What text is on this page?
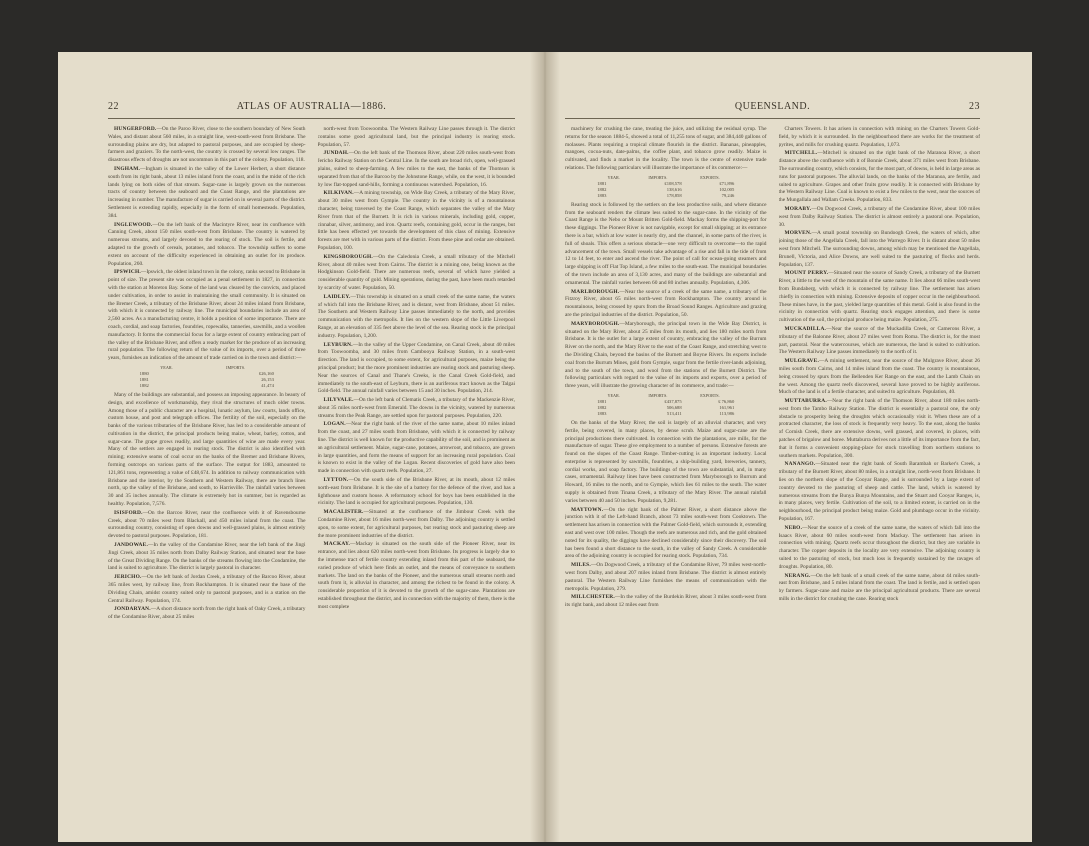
22	ATLAS OF AUSTRALIA—1886.

HUNGERFORD.—On the Paroo River, close to the southern boundary of New South Wales, and distant about 560 miles, in a straight line, west-south-west from Brisbane. The surrounding plains are dry, but adapted to pastoral purposes, and are occupied by sheep-farmers and graziers. To the north-west, the country is crossed by several low ranges. The disastrous effects of droughts are not uncommon in this part of the colony. Population, 118.

INGHAM.—Ingham is situated in the valley of the Lower Herbert, a short distance south from its right bank, about 13 miles inland from the coast, and in the midst of the rich lands lying on both sides of that stream. Sugar-cane is largely grown on the numerous tracts of country between the seaboard and the Coast Range, and the plantations are increasing in number. The manufacture of sugar is carried on in several parts of the district. Settlement is extending rapidly, especially in the form of small homesteads. Population, 384.

INGLEWOOD.—On the left bank of the Macintyre River, near its confluence with Canning Creek, about 150 miles south-west from Brisbane. The country is watered by numerous streams, and largely devoted to the rearing of stock. The soil is fertile, and adapted to the growth of cereals, potatoes, and tobacco. The township suffers to some extent on account of the difficulty experienced in obtaining an outlet for its produce. Population, 260.

IPSWICH.—Ipswich, the oldest inland town in the colony, ranks second to Brisbane in point of size. The present site was occupied as a penal settlement in 1827, in connection with the station at Moreton Bay. Some of the land was cleared by the convicts, and placed under cultivation, in order to assist in maintaining the small community. It is situated on the Bremer Creek, a tributary of the Brisbane River, about 24 miles inland from Brisbane, with which it is connected by railway line. The municipal boundaries include an area of 2,560 acres. As a manufacturing centre, it holds a position of some importance. There are coach, cordial, and soap factories, foundries, ropewalks, tanneries, sawmills, and a woollen manufactory. It forms the commercial focus for a large extent of country embracing part of the valley of the Brisbane River, and offers a ready market for the produce of an increasing rural population. The following return of the value of its imports, over a period of three years, furnishes an indication of the amount of trade carried on in the town and district:—

YEAR.	IMPORTS.
1880	£26,160
1881	26,153
1882	41,474

Many of the buildings are substantial, and possess an imposing appearance. In beauty of design, and excellence of workmanship, they rival the structures of much older towns. Among those of a public character are a hospital, lunatic asylum, law courts, lands office, custom house, and post and telegraph offices. The fertility of the soil, especially on the banks of the various tributaries of the Brisbane River, has led to a considerable amount of cultivation in the district, the principal products being maize, wheat, barley, cotton, and sugar-cane. The grape grows readily, and large quantities of wine are made every year. Many of the settlers are engaged in rearing stock. The district is also identified with mining; extensive seams of coal occur on the banks of the Bremer and Brisbane Rivers, forming outcrops on various parts of the surface. The output for 1883, amounted to 121,861 tons, representing a value of £48,674. In addition to railway communication with Brisbane and the interior, by the Southern and Western Railway, there are branch lines north, up the valley of the Brisbane, and south, to Harrisville. The rainfall varies between 30 and 35 inches annually. The climate is extremely hot in summer, but is regarded as healthy. Population, 7,576.

ISISFORD.—On the Barcoo River, near the confluence with it of Ravensbourne Creek, about 70 miles west from Blackall, and 450 miles inland from the coast. The surrounding country, consisting of open downs and well-grassed plains, is almost entirely devoted to pastoral purposes. Population, 181.

JANDOWAE.—In the valley of the Condamine River, near the left bank of the Jingi Jingi Creek, about 35 miles north from Dalby Railway Station, and situated near the base of the Great Dividing Range. On the banks of the streams flowing into the Condamine, the land is suited to agriculture. The district is largely pastoral in character.

JERICHO.—On the left bank of Jordan Creek, a tributary of the Barcoo River, about 365 miles west, by railway line, from Rockhampton. It is situated near the base of the Dividing Chain, amidst country suited only to pastoral purposes, and is a station on the Central Railway. Population, 174.

JONDARYAN.—A short distance north from the right bank of Oaky Creek, a tributary of the Condamine River, about 25 miles

north-west from Toowoomba. The Western Railway Line passes through it. The district contains some good agricultural land, but the principal industry is rearing stock. Population, 57.

JUNDAH.—On the left bank of the Thomson River, about 220 miles south-west from Jericho Railway Station on the Central Line. In the south are broad rich, open, well-grassed plains, suited to sheep-farming. A few miles to the east, the banks of the Thomson is separated from that of the Barcoo by the Johnstone Range, while, on the west, it is bounded by low flat-topped sand-hills, forming a continuous watershed. Population, 16.

KILKIVAN.—A mining township, on Wide Bay Creek, a tributary of the Mary River, about 30 miles west from Gympie. The country in the vicinity is of a mountainous character, being traversed by the Coast Range, which separates the valley of the Mary River from that of the Burnett. It is rich in various minerals, including gold, copper, cinnabar, silver, antimony, and iron. Quartz reefs, containing gold, occur in the ranges, but little has been effected yet towards the development of this class of mining. Extensive forests are met with in various parts of the district. From these pine and cedar are obtained. Population, 100.

KINGSBOROUGH.—On the Caledonia Creek, a small tributary of the Mitchell River, about 40 miles west from Cairns. The district is a mining one, being known as the Hodgkinson Gold-field. There are numerous reefs, several of which have yielded a considerable quantity of gold. Mining operations, during the past, have been much retarded by scarcity of water. Population, 50.

LAIDLEY.—This township is situated on a small creek of the same name, the waters of which fall into the Brisbane River, and is distant, west from Brisbane, about 51 miles. The Southern and Western Railway Line passes immediately to the north, and provides communication with the metropolis. It lies on the western slope of the Little Liverpool Range, at an elevation of 335 feet above the level of the sea. Rearing stock is the principal industry. Population, 1,200.

LEYBURN.—In the valley of the Upper Condamine, on Canal Creek, about 40 miles from Toowoomba, and 30 miles from Cambooya Railway Station, in a south-west direction. The land is occupied, to some extent, for agricultural purposes, maize being the principal product; but the more prominent industries are rearing stock and pasturing sheep. Near the sources of Canal and Thane's Creeks, is the Canal Creek Gold-field, and immediately to the south-east of Leyburn, there is an auriferous tract known as the Talgai Gold-field. The annual rainfall varies between 15 and 30 inches. Population, 214.

LILYVALE.—On the left bank of Clematis Creek, a tributary of the Mackenzie River, about 35 miles north-west from Emerald. The downs in the vicinity, watered by numerous streams from the Peak Range, are settled upon for pastoral purposes. Population, 220.

LOGAN.—Near the right bank of the river of the same name, about 10 miles inland from the coast, and 27 miles south from Brisbane, with which it is connected by railway line. The district is well known for the productive capability of the soil, and is prominent as an agricultural settlement. Maize, sugar-cane, potatoes, arrowroot, and tobacco, are grown in large quantities, and form the means of support for an increasing rural population. Coal is known to exist in the valley of the Logan. Recent discoveries of gold have also been made in connection with quartz reefs. Population, 27.

LYTTON.—On the south side of the Brisbane River, at its mouth, about 12 miles north-east from Brisbane. It is the site of a battery for the defence of the river, and has a lighthouse and custom house. A reformatory school for boys has been established in the vicinity. The land is occupied for agricultural purposes. Population, 130.

MACALISTER.—Situated at the confluence of the Jimbour Creek with the Condamine River, about 16 miles north-west from Dalby. The adjoining country is settled upon, to some extent, for agricultural purposes, but rearing stock and pasturing sheep are the more prominent industries of the district.

MACKAY.—Mackay is situated on the south side of the Pioneer River, near its entrance, and lies about 620 miles north-west from Brisbane. Its progress is largely due to the immense tract of fertile country extending inland from this part of the seaboard, the varied produce of which here finds an outlet, and the means of conveyance to southern markets. The land on the banks of the Pioneer, and the numerous small streams north and south from it, is alluvial in character, and among the richest to be found in the colony. A considerable proportion of it is devoted to the growth of the sugar-cane. Plantations are established throughout the district, and in connection with the majority of them, there is the most complete

QUEENSLAND.	23

machinery for crushing the cane, treating the juice, and utilizing the residual syrup. The returns for the season 1884-5, showed a total of 11,255 tons of sugar, and 384,440 gallons of molasses. Plants requiring a tropical climate flourish in the district. Bananas, pineapples, mangoes, cocoa-nuts, date-palms, the coffee plant, and tobacco grow readily. Maize is cultivated, and finds a market in the locality. The town is the centre of extensive trade relations. The following particulars will illustrate the importance of its commerce:—

YEAR.	IMPORTS.	EXPORTS.
1881	£108,578	£71,896
1882	138,616	102,005
1883	178,858	79,246

Rearing stock is followed by the settlers on the less productive soils, and where distance from the seaboard renders the climate less suited to the sugar-cane. In the vicinity of the Coast Range is the Nebo or Mount Britten Gold-field. Mackay forms the shipping-port for these diggings. The Pioneer River is not navigable, except for small shipping; at its entrance there is a bar, which at low water is nearly dry, and the channel, in some parts of the river, is full of shoals. This offers a serious obstacle—one very difficult to overcome—to the rapid advancement of the town. Small vessels take advantage of a rise and fall in the tide of from 12 to 14 feet, to enter and ascend the river. The point of call for ocean-going steamers and large shipping is off Flat Top Island, a few miles to the south-east. The municipal boundaries of the town include an area of 3,130 acres, and many of the buildings are substantial and ornamental. The rainfall varies between 60 and 80 inches annually. Population, 4,306.

MARLBOROUGH.—Near the source of a creek of the same name, a tributary of the Fitzroy River, about 65 miles north-west from Rockhampton. The country around is mountainous, being crossed by spurs from the Broad Sound Ranges. Agriculture and grazing are the principal industries of the district. Population, 50.

MARYBOROUGH.—Maryborough, the principal town in the Wide Bay District, is situated on the Mary River, about 25 miles from its mouth, and lies 180 miles north from Brisbane. It is the outlet for a large extent of country, embracing the valley of the Burrum River on the north, and the Mary River to the east of the Coast Range, and stretching west to the Dividing Chain, beyond the basins of the Burnett and Boyne Rivers. Its exports include coal from the Burrum Mines, gold from Gympie, sugar from the fertile river-lands adjoining, and to the south of the town, and wool from the stations of the Burnett District. The following particulars with regard to the value of its imports and exports, over a period of three years, will illustrate the growing character of its commerce, and trade:—

YEAR.	IMPORTS.	EXPORTS.
1881	£437,875	£ 76,860
1882	506,688	161,961
1883	513,411	113,986

On the banks of the Mary River, the soil is largely of an alluvial character, and very fertile, being covered, in many places, by dense scrub. Maize and sugar-cane are the principal productions there cultivated. In connection with the plantations, are mills, for the manufacture of sugar. These give employment to a number of persons. Extensive forests are found on the slopes of the Coast Range. Timber-cutting is an important industry. Local enterprise is represented by sawmills, foundries, a ship-building yard, breweries, tannery, cordial works, and soap factory. The buildings of the town are substantial, and, in many cases, ornamental. Railway lines have been constructed from Maryborough to Burrum and Howard, 16 miles to the north, and to Gympie, which lies 61 miles to the south. The water supply is obtained from Tinana Creek, a tributary of the Mary River. The annual rainfall varies between 40 and 50 inches. Population, 9,281.

MAYTOWN.—On the right bank of the Palmer River, a short distance above the junction with it of the Left-hand Branch, about 73 miles south-west from Cooktown. The settlement has arisen in connection with the Palmer Gold-field, which surrounds it, extending east and west over 100 miles. Though the reefs are numerous and rich, and the gold obtained noted for its quality, the diggings have declined considerably since their discovery. The soil has been found a short distance to the south, in the valley of Sandy Creek. A considerable area of the adjoining country is occupied for rearing stock. Population, 734.

MILES.—On Dogwood Creek, a tributary of the Condamine River, 79 miles west-north-west from Dalby, and about 207 miles inland from Brisbane. The district is almost entirely pastoral. The Western Railway Line furnishes the means of communication with the metropolis. Population, 279.

MILLCHESTER.—In the valley of the Burdekin River, about 3 miles south-west from its right bank, and about 12 miles east from

Charters Towers. It has arisen in connection with mining on the Charters Towers Gold-field, by which it is surrounded. In the neighbourhood there are works for the treatment of pyrites, and mills for crushing quartz. Population, 1,073.

MITCHELL.—Mitchell is situated on the right bank of the Maranoa River, a short distance above the confluence with it of Bonnie Creek, about 371 miles west from Brisbane. The surrounding country, which consists, for the most part, of downs, is held in large areas as runs for pastoral purposes. The alluvial lands, on the banks of the Maranoa, are fertile, and suited to agriculture. Grapes and other fruits grow readily. It is connected with Brisbane by the Western Railway Line. Coal is known to exist a few miles to the west, near the sources of the Mungallala and Wallam Creeks. Population, 833.

MORABY.—On Dogwood Creek, a tributary of the Condamine River, about 100 miles west from Dalby Railway Station. The district is almost entirely a pastoral one. Population, 30.

MORVEN.—A small postal township on Bundoogh Creek, the waters of which, after joining those of the Angellala Creek, fall into the Warrego River. It is distant about 50 miles west from Mitchell. The surrounding downs, among which may be mentioned the Angellala, Brunell, Victoria, and Alice Downs, are well suited to the pasturing of flocks and herds. Population, 137.

MOUNT PERRY.—Situated near the source of Sandy Creek, a tributary of the Burnett River, a little to the west of the mountain of the same name. It lies about 66 miles south-west from Bundaberg, with which it is connected by railway line. The settlement has arisen chiefly in connection with mining. Extensive deposits of copper occur in the neighbourhood. These mines have, in the past, yielded large quantities of this metal. Gold is also found in the vicinity in connection with quartz. Rearing stock engages attention, and there is some cultivation of the soil, the principal produce being maize. Population, 275.

MUCKADILLA.—Near the source of the Muckadilla Creek, or Camerons River, a tributary of the Balonne River, about 27 miles west from Roma. The district is, for the most part, pastoral. Near the watercourses, which are numerous, the land is suited to cultivation. The Western Railway Line passes immediately to the north of it.

MULGRAVE.—A mining settlement, near the source of the Mulgrave River, about 26 miles south from Cairns, and 14 miles inland from the coast. The country is mountainous, being crossed by spurs from the Bellenden Ker Range on the east, and the Lamb Chain on the west. Among the quartz reefs discovered, several have proved to be highly auriferous. Much of the land is of a fertile character, and suited to agriculture. Population, 40.

MUTTABURRA.—Near the right bank of the Thomson River, about 180 miles north-west from the Tambo Railway Station. The district is essentially a pastoral one, the only obstacle to prosperity being the droughts which occasionally visit it. When these are of a protracted character, the loss of stock is frequently very heavy. To the east, along the banks of Cornish Creek, there are extensive downs, well grassed, and covered, in places, with patches of brigalow and boree. Muttaburra derives not a little of its importance from the fact, that it forms a convenient stopping-place for stock travelling from northern stations to southern markets. Population, 300.

NANANGO.—Situated near the right bank of South Barambah or Barker's Creek, a tributary of the Burnett River, about 80 miles, in a straight line, north-west from Brisbane. It lies on the northern slope of the Cooyar Range, and is surrounded by a large extent of country devoted to the pasturing of sheep and cattle. The land, which is watered by numerous streams from the Bunya Bunya Mountains, and the Stuart and Cooyar Ranges, is, in many places, very fertile. Cultivation of the soil, to a limited extent, is carried on in the neighbourhood, the principal product being maize. Gold and plumbago occur in the vicinity. Population, 167.

NEBO.—Near the source of a creek of the same name, the waters of which fall into the Isaacs River, about 60 miles south-west from Mackay. The settlement has arisen in connection with mining. Quartz reefs occur throughout the district, but they are variable in character. The copper deposits in the locality are very extensive. The adjoining country is suited to the pasturing of stock, but much loss is frequently sustained by the ravages of droughts. Population, 80.

NERANG.—On the left bank of a small creek of the same name, about 44 miles south-east from Brisbane, and 5 miles inland from the coast. The land is fertile, and is settled upon by farmers. Sugar-cane and maize are the principal agricultural products. There are several mills in the district for crushing the cane. Rearing stock
